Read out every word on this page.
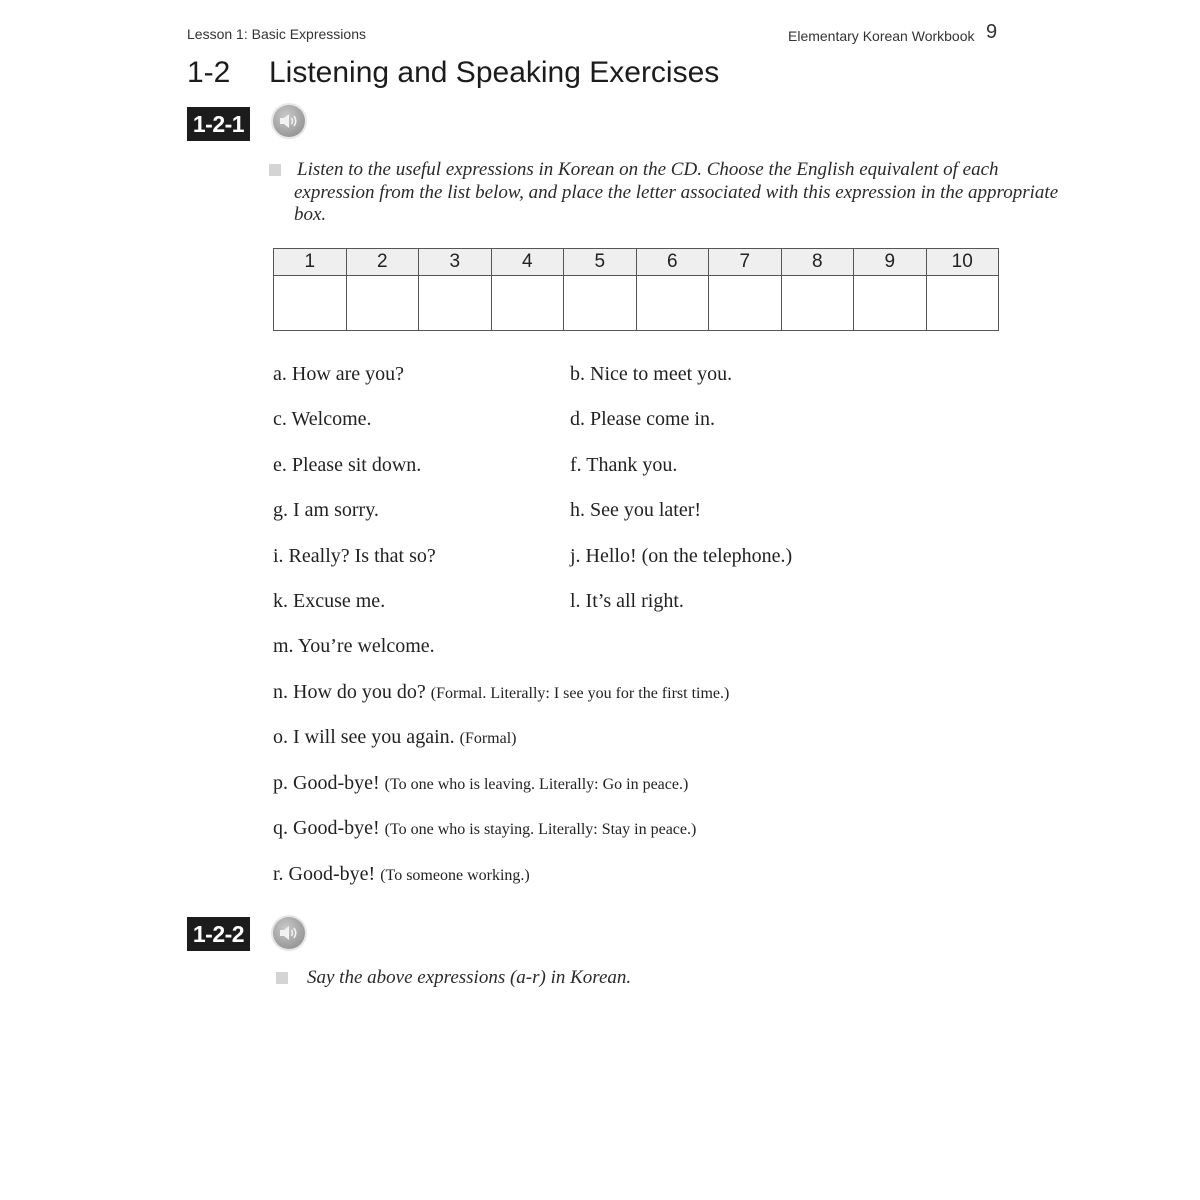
Lesson 1: Basic Expressions	Elementary Korean Workbook 9
1-2 Listening and Speaking Exercises
1-2-1
Listen to the useful expressions in Korean on the CD. Choose the English equivalent of each
expression from the list below, and place the letter associated with this expression in the appropriate
box.
1	2	3	4	5	6	7	8	9	10

a. How are you?	b. Nice to meet you.
c. Welcome.	d. Please come in.
e. Please sit down.	f. Thank you.
g. I am sorry.	h. See you later!
i. Really? Is that so?	j. Hello! (on the telephone.)
k. Excuse me.	l. It’s all right.
m. You’re welcome.
n. How do you do? (Formal. Literally: I see you for the first time.)
o. I will see you again. (Formal)
p. Good-bye! (To one who is leaving. Literally: Go in peace.)
q. Good-bye! (To one who is staying. Literally: Stay in peace.)
r. Good-bye! (To someone working.)
1-2-2
Say the above expressions (a-r) in Korean.
